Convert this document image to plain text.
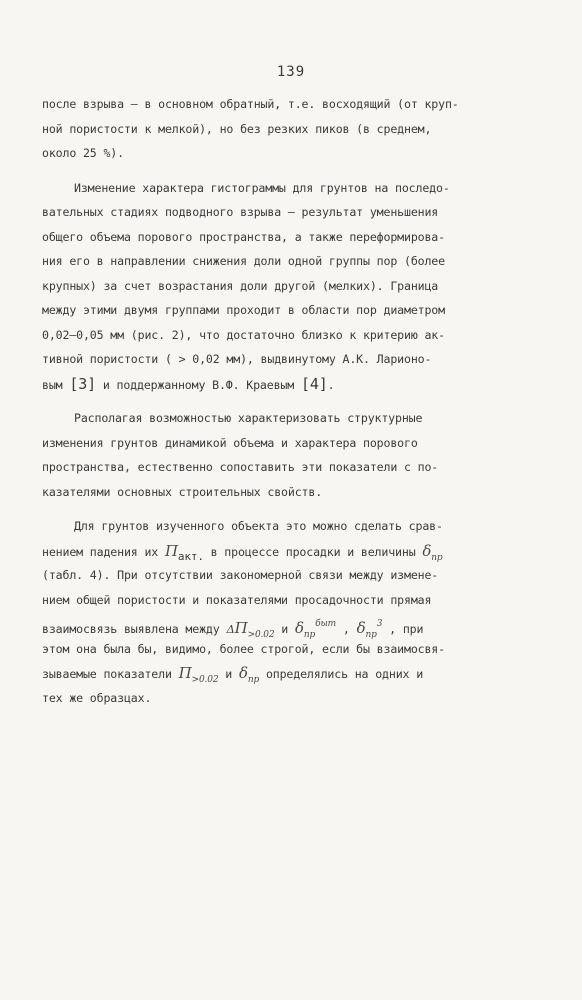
139
после взрыва – в основном обратный, т.е. восходящий (от круп-
ной пористости к мелкой), но без резких пиков (в среднем,
около 25 %).
Изменение характера гистограммы для грунтов на последо-
вательных стадиях подводного взрыва – результат уменьшения
общего объема порового пространства, а также переформирова-
ния его в направлении снижения доли одной группы пор (более
крупных) за счет возрастания доли другой (мелких). Граница
между этими двумя группами проходит в области пор диаметром
0,02–0,05 мм (рис. 2), что достаточно близко к критерию ак-
тивной пористости ( > 0,02 мм), выдвинутому А.К. Ларионо-
вым [3] и поддержанному В.Ф. Краевым [4].
Располагая возможностью характеризовать структурные
изменения грунтов динамикой объема и характера порового
пространства, естественно сопоставить эти показатели с по-
казателями основных строительных свойств.
Для грунтов изученного объекта это можно сделать срав-
нением падения их Пакт. в процессе просадки и величины $\delta_{пр}$
(табл. 4). При отсутствии закономерной связи между измене-
нием общей пористости и показателями просадочности прямая
взаимосвязь выявлена между $\Delta П_{>0.02}$ и $\delta_{пр}^{быт}$ , $\delta_{пр}^3$ , при
этом она была бы, видимо, более строгой, если бы взаимосвя-
зываемые показатели $П_{>0.02}$ и $\delta_{пр}$ определялись на одних и
тех же образцах.
